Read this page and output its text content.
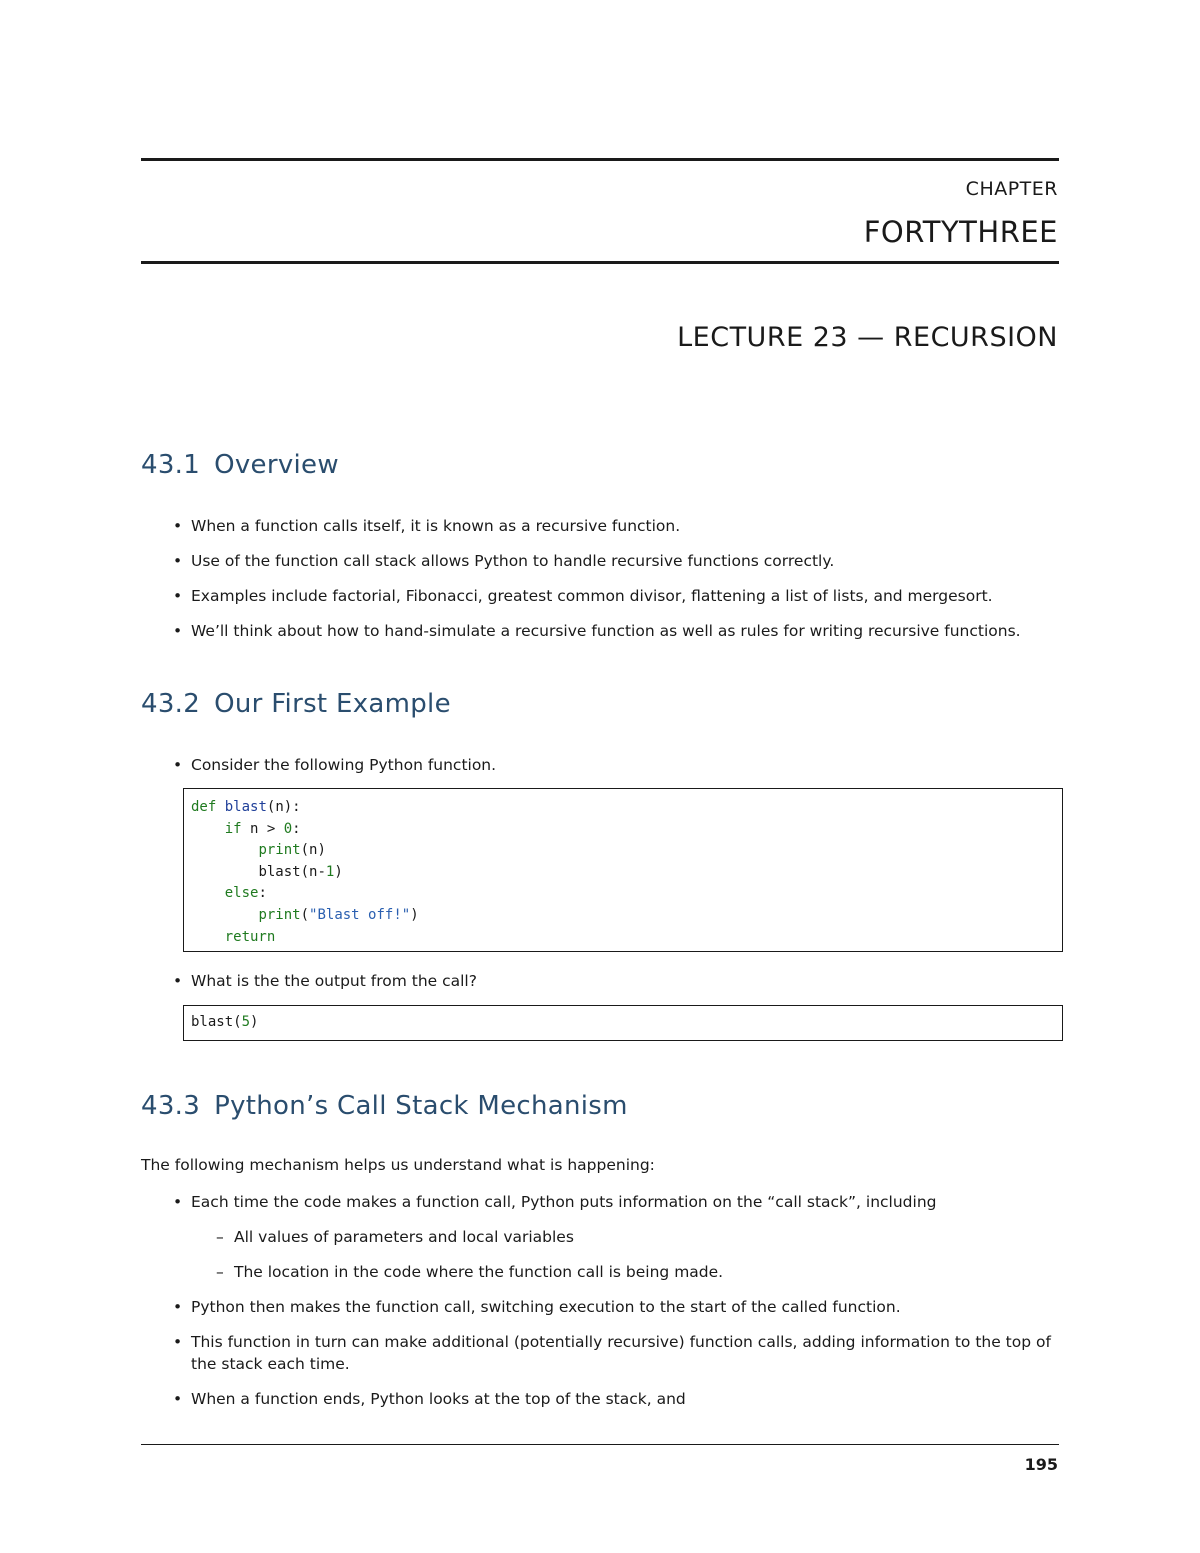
CHAPTER
FORTYTHREE
LECTURE 23 — RECURSION
43.1 Overview
• When a function calls itself, it is known as a recursive function.
• Use of the function call stack allows Python to handle recursive functions correctly.
• Examples include factorial, Fibonacci, greatest common divisor, flattening a list of lists, and mergesort.
• We’ll think about how to hand-simulate a recursive function as well as rules for writing recursive functions.
43.2 Our First Example
• Consider the following Python function.
def blast(n):
if n > 0:
print(n)
blast(n-1)
else:
print("Blast off!")
return
• What is the the output from the call?
blast(5)
43.3 Python’s Call Stack Mechanism

The following mechanism helps us understand what is happening:

• Each time the code makes a function call, Python puts information on the “call stack”, including
– All values of parameters and local variables
– The location in the code where the function call is being made.
• Python then makes the function call, switching execution to the start of the called function.
• This function in turn can make additional (potentially recursive) function calls, adding information to the top of the stack each time.
• When a function ends, Python looks at the top of the stack, and
195
